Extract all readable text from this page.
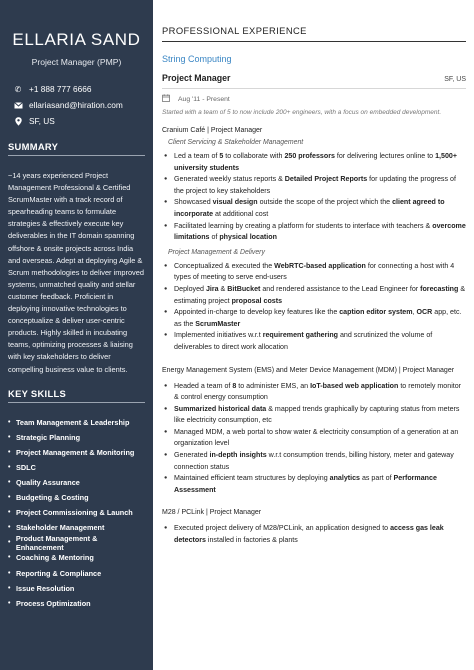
ELLARIA SAND
Project Manager (PMP)
✆ +1 888 777 6666
ellariasand@hiration.com
SF, US
SUMMARY

~14 years experienced Project Management Professional & Certified ScrumMaster with a track record of spearheading teams to formulate strategies & effectively execute key deliverables in the IT domain spanning offshore & onsite projects across India and overseas. Adept at deploying Agile & Scrum methodologies to deliver improved systems, unmatched quality and stellar customer feedback. Proficient in deploying innovative technologies to conceptualize & deliver user-centric products. Highly skilled in incubating teams, optimizing processes & liaising with key stakeholders to deliver compelling business value to clients.

KEY SKILLS
• Team Management & Leadership
• Strategic Planning
• Project Management & Monitoring
• SDLC
• Quality Assurance
• Budgeting & Costing
• Project Commissioning & Launch
• Stakeholder Management
• Product Management & Enhancement
• Coaching & Mentoring
• Reporting & Compliance
• Issue Resolution
• Process Optimization
PROFESSIONAL EXPERIENCE
String Computing
Project Manager	SF, US
Aug '11 - Present
Started with a team of 5 to now include 200+ engineers, with a focus on embedded development.
Cranium Café | Project Manager
Client Servicing & Stakeholder Management
● Led a team of 5 to collaborate with 250 professors for delivering lectures online to 1,500+ university students
● Generated weekly status reports & Detailed Project Reports for updating the progress of the project to key stakeholders
● Showcased visual design outside the scope of the project which the client agreed to incorporate at additional cost
● Facilitated learning by creating a platform for students to interface with teachers & overcome limitations of physical location
Project Management & Delivery
● Conceptualized & executed the WebRTC-based application for connecting a host with 4 types of meeting to serve end-users
● Deployed Jira & BitBucket and rendered assistance to the Lead Engineer for forecasting & estimating project proposal costs
● Appointed in-charge to develop key features like the caption editor system, OCR app, etc. as the ScrumMaster
● Implemented initiatives w.r.t requirement gathering and scrutinized the volume of deliverables to direct work allocation
Energy Management System (EMS) and Meter Device Management (MDM) | Project Manager
● Headed a team of 8 to administer EMS, an IoT-based web application to remotely monitor & control energy consumption
● Summarized historical data & mapped trends graphically by capturing status from meters like electricity consumption, etc
● Managed MDM, a web portal to show water & electricity consumption of a generation at an organization level
● Generated in-depth insights w.r.t consumption trends, billing history, meter and gateway connection status
● Maintained efficient team structures by deploying analytics as part of Performance Assessment
M28 / PCLink | Project Manager
● Executed project delivery of M28/PCLink, an application designed to access gas leak detectors installed in factories & plants
